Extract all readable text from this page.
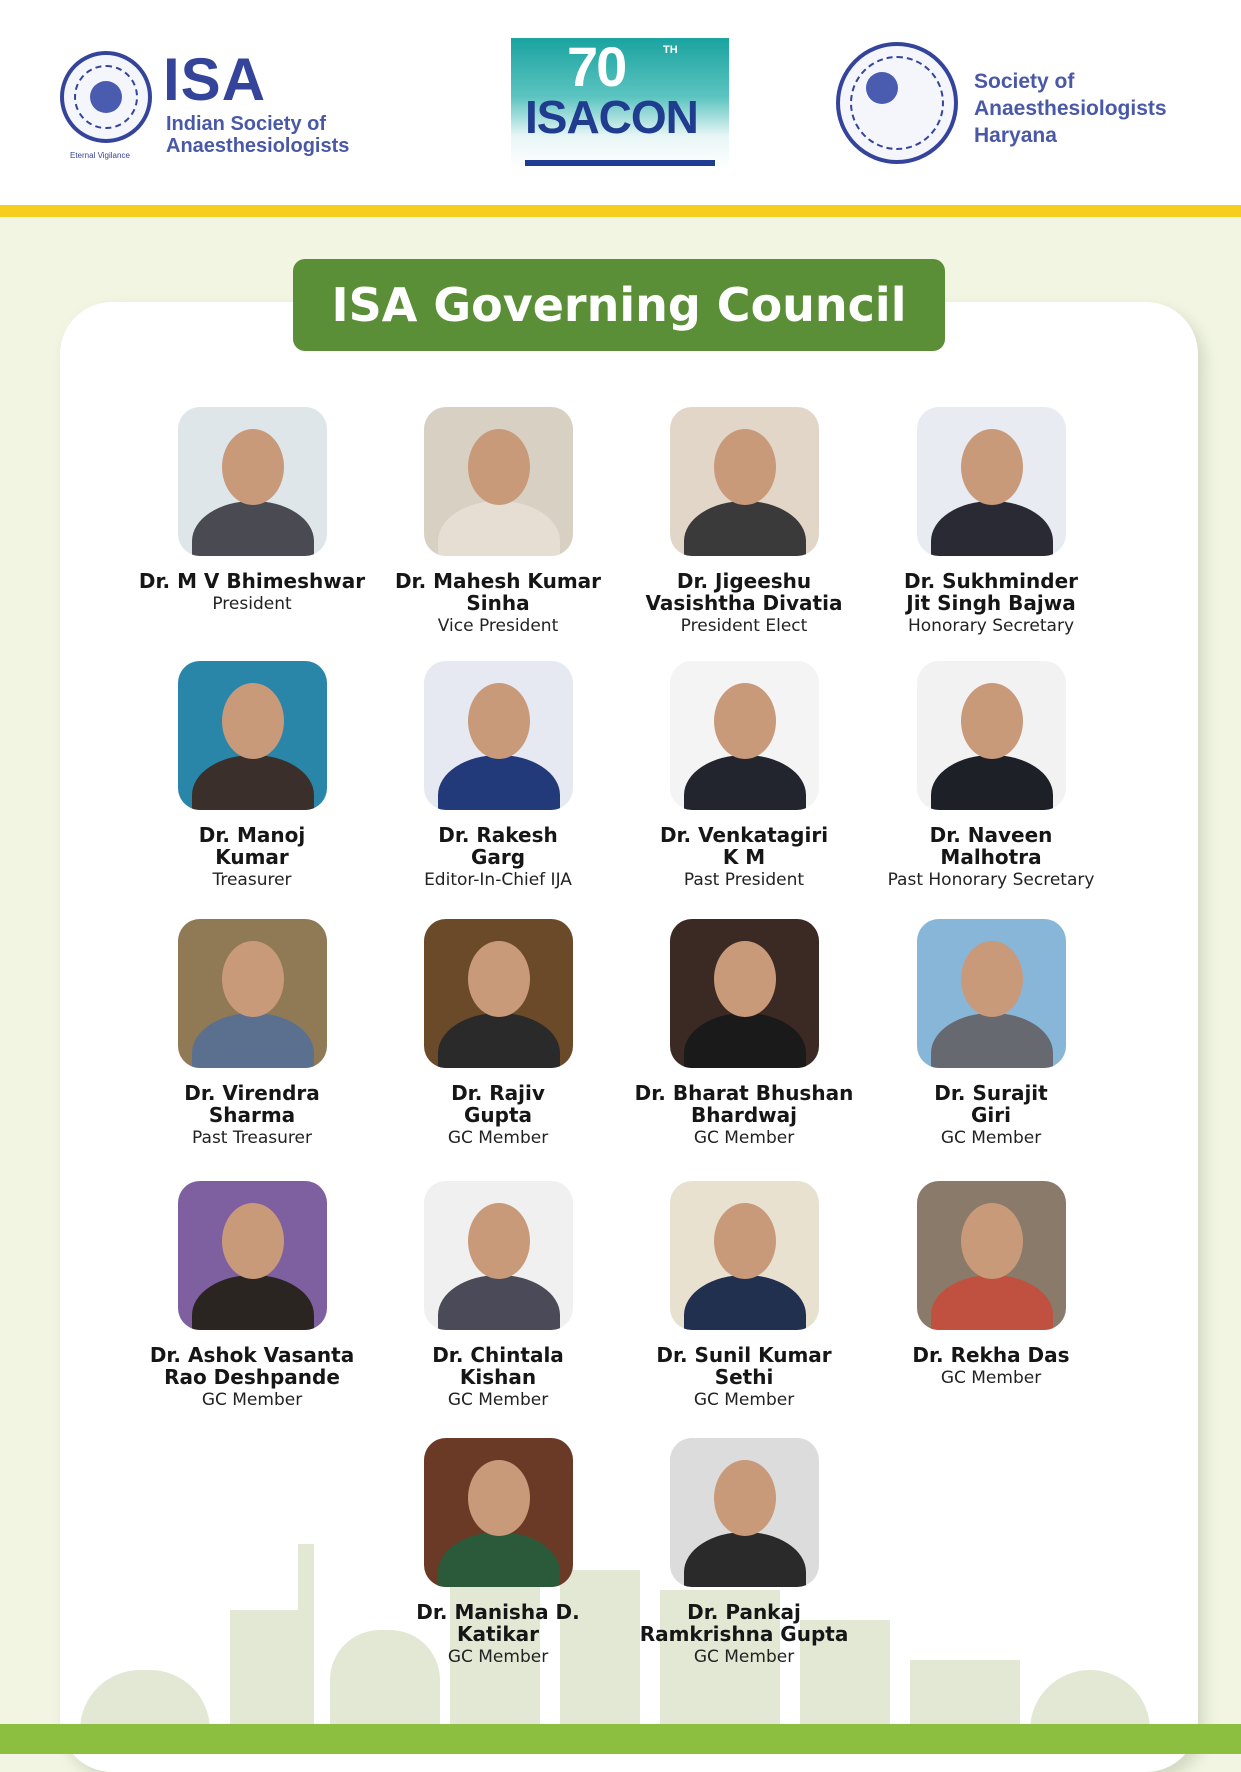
ISA
Indian Society of
Anaesthesiologists
Eternal Vigilance
70	TH
ISACON
Society of
Anaesthesiologists
Haryana
ISA Governing Council
Dr. M V Bhimeshwar
President
Dr. Mahesh Kumar
Sinha
Vice President
Dr. Jigeeshu
Vasishtha Divatia
President Elect
Dr. Sukhminder
Jit Singh Bajwa
Honorary Secretary
Dr. Manoj
Kumar
Treasurer
Dr. Rakesh
Garg
Editor-In-Chief IJA
Dr. Venkatagiri
K M
Past President
Dr. Naveen
Malhotra
Past Honorary Secretary
Dr. Virendra
Sharma
Past Treasurer
Dr. Rajiv
Gupta
GC Member
Dr. Bharat Bhushan
Bhardwaj
GC Member
Dr. Surajit
Giri
GC Member
Dr. Ashok Vasanta
Rao Deshpande
GC Member
Dr. Chintala
Kishan
GC Member
Dr. Sunil Kumar
Sethi
GC Member
Dr. Rekha Das
GC Member
Dr. Manisha D.
Katikar
GC Member
Dr. Pankaj
Ramkrishna Gupta
GC Member
